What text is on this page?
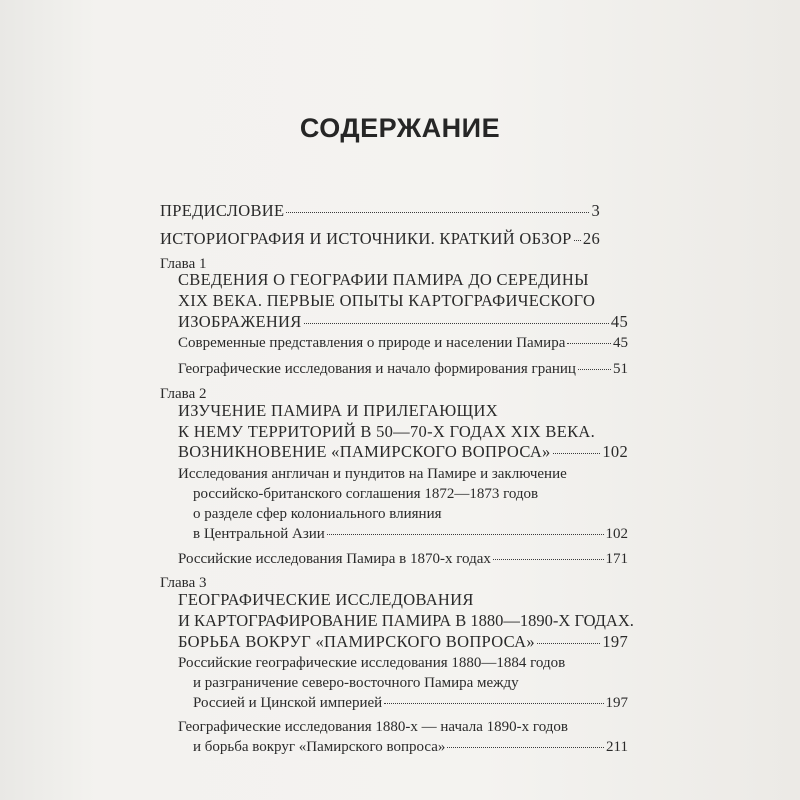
СОДЕРЖАНИЕ
ПРЕДИСЛОВИЕ	3
ИСТОРИОГРАФИЯ И ИСТОЧНИКИ. КРАТКИЙ ОБЗОР 26
Глава 1
СВЕДЕНИЯ О ГЕОГРАФИИ ПАМИРА ДО СЕРЕДИНЫ
XIX ВЕКА. ПЕРВЫЕ ОПЫТЫ КАРТОГРАФИЧЕСКОГО
ИЗОБРАЖЕНИЯ	45
Современные представления о природе и населении Памира	45
Географические исследования и начало формирования границ 51
Глава 2
ИЗУЧЕНИЕ ПАМИРА И ПРИЛЕГАЮЩИХ
К НЕМУ ТЕРРИТОРИЙ В 50—70-Х ГОДАХ XIX ВЕКА.
ВОЗНИКНОВЕНИЕ «ПАМИРСКОГО ВОПРОСА»	102
Исследования англичан и пундитов на Памире и заключение
российско-британского соглашения 1872—1873 годов
о разделе сфер колониального влияния
в Центральной Азии	102
Российские исследования Памира в 1870-х годах	171
Глава 3
ГЕОГРАФИЧЕСКИЕ ИССЛЕДОВАНИЯ
И КАРТОГРАФИРОВАНИЕ ПАМИРА В 1880—1890-Х ГОДАХ.
БОРЬБА ВОКРУГ «ПАМИРСКОГО ВОПРОСА»	197
Российские географические исследования 1880—1884 годов
и разграничение северо-восточного Памира между
Россией и Цинской империей	197
Географические исследования 1880-х — начала 1890-х годов
и борьба вокруг «Памирского вопроса»	211
